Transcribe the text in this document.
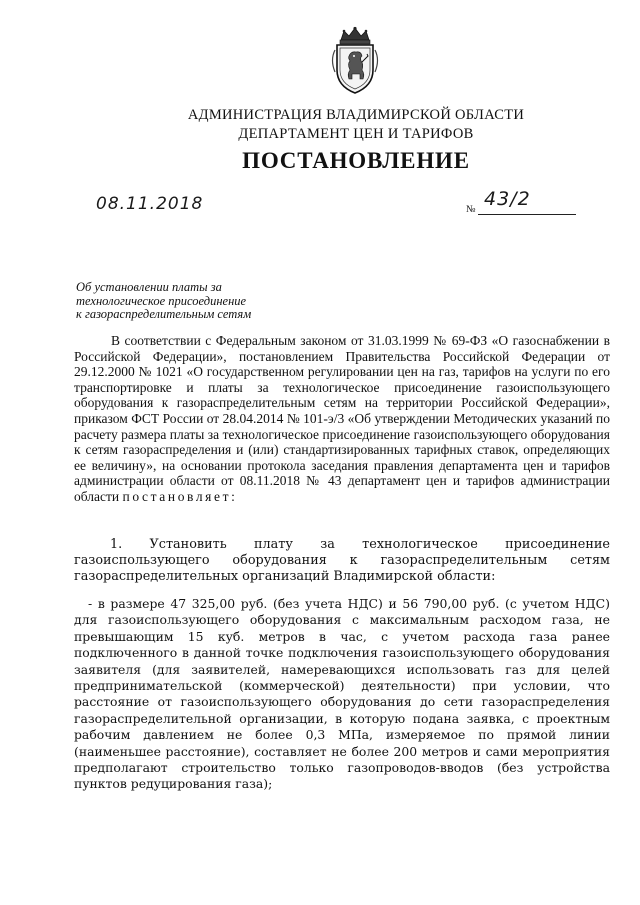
АДМИНИСТРАЦИЯ ВЛАДИМИРСКОЙ ОБЛАСТИ
ДЕПАРТАМЕНТ ЦЕН И ТАРИФОВ
ПОСТАНОВЛЕНИЕ
08.11.2018	№ 43/2
Об установлении платы за
технологическое присоединение
к газораспределительным сетям

В соответствии с Федеральным законом от 31.03.1999 № 69-ФЗ «О газоснабжении в Российской Федерации», постановлением Правительства Российской Федерации от 29.12.2000 № 1021 «О государственном регулировании цен на газ, тарифов на услуги по его транспортировке и платы за технологическое присоединение газоиспользующего оборудования к газораспределительным сетям на территории Российской Федерации», приказом ФСТ России от 28.04.2014 № 101-э/3 «Об утверждении Методических указаний по расчету размера платы за технологическое присоединение газоиспользующего оборудования к сетям газораспределения и (или) стандартизированных тарифных ставок, определяющих ее величину», на основании протокола заседания правления департамента цен и тарифов администрации области от 08.11.2018 № 43 департамент цен и тарифов администрации области постановляет:

1. Установить плату за технологическое присоединение газоиспользующего оборудования к газораспределительным сетям газораспределительных организаций Владимирской области:

- в размере 47 325,00 руб. (без учета НДС) и 56 790,00 руб. (с учетом НДС) для газоиспользующего оборудования с максимальным расходом газа, не превышающим 15 куб. метров в час, с учетом расхода газа ранее подключенного в данной точке подключения газоиспользующего оборудования заявителя (для заявителей, намеревающихся использовать газ для целей предпринимательской (коммерческой) деятельности) при условии, что расстояние от газоиспользующего оборудования до сети газораспределения газораспределительной организации, в которую подана заявка, с проектным рабочим давлением не более 0,3 МПа, измеряемое по прямой линии (наименьшее расстояние), составляет не более 200 метров и сами мероприятия предполагают строительство только газопроводов-вводов (без устройства пунктов редуцирования газа);
